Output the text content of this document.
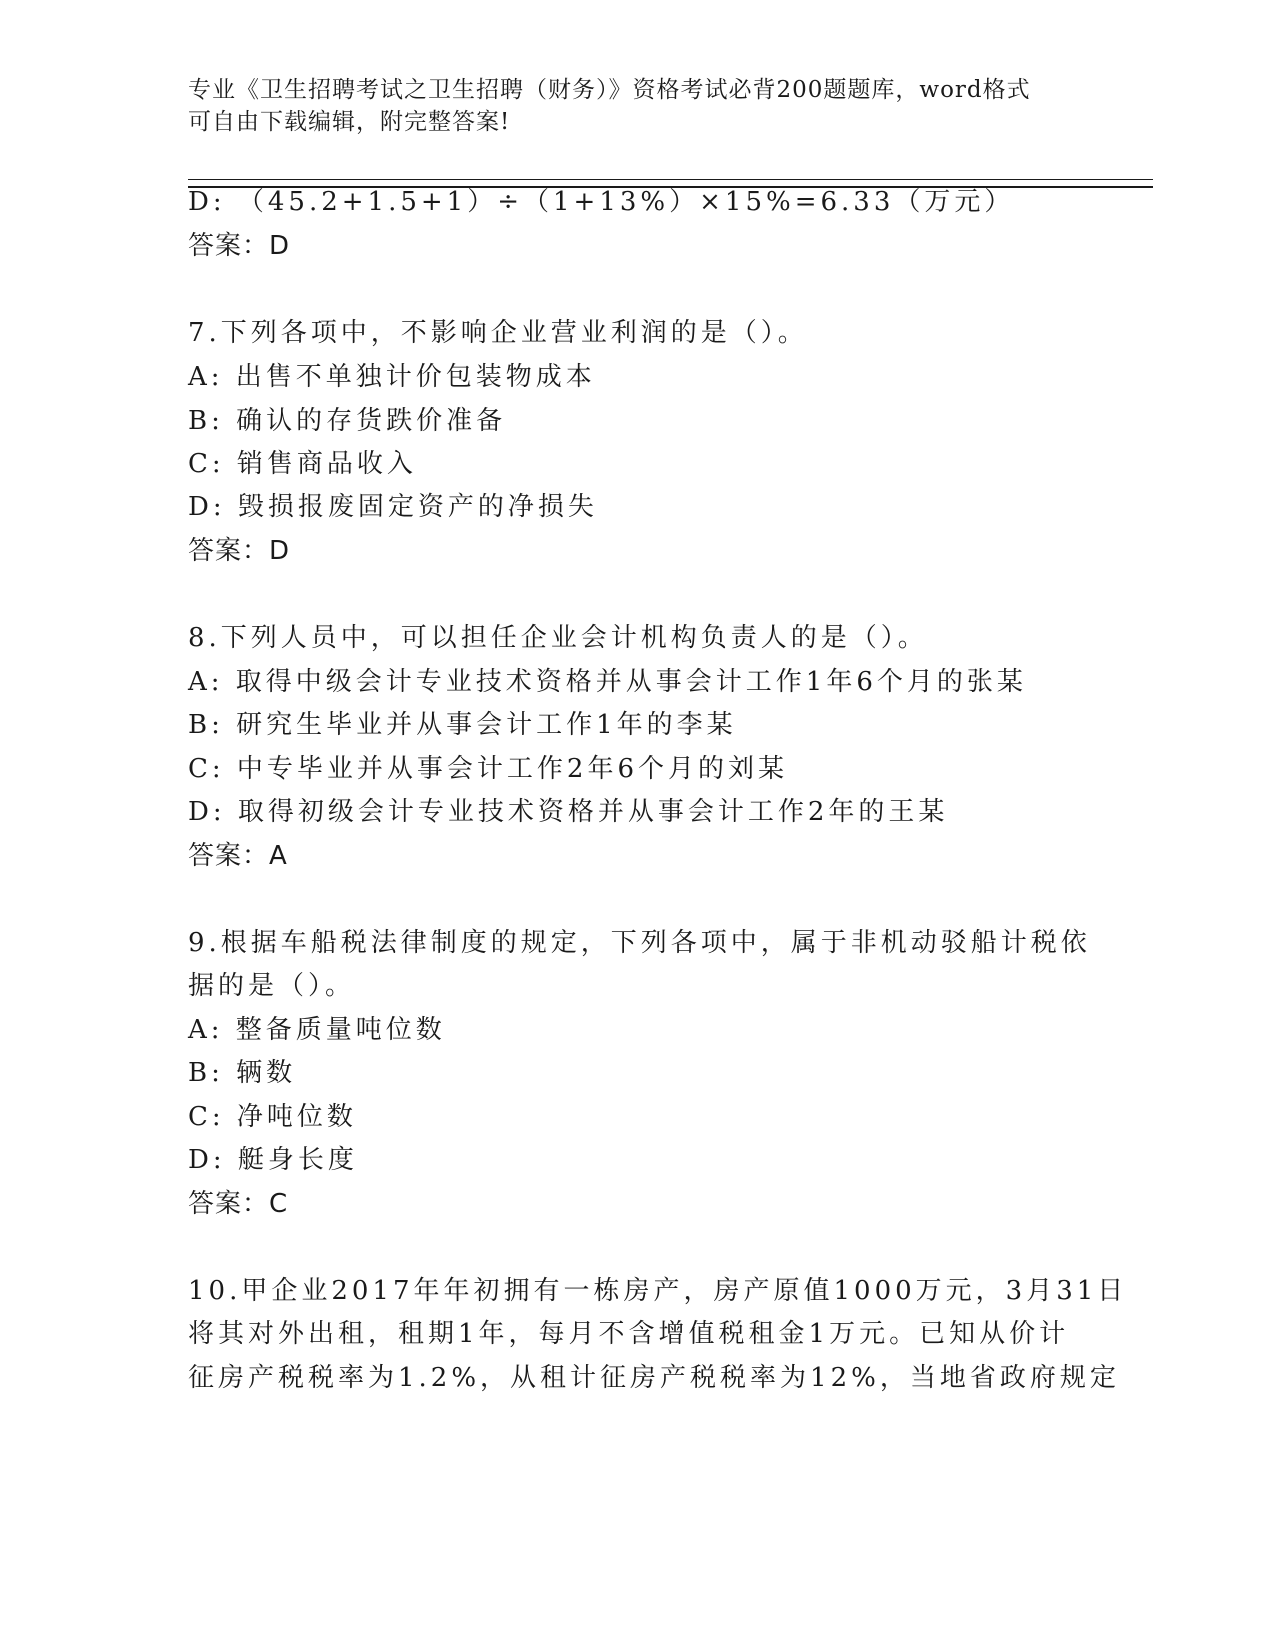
专业《卫生招聘考试之卫生招聘（财务）》资格考试必背200题题库，word格式
可自由下载编辑，附完整答案!
D: （45.2+1.5+1）÷（1+13%）×15%=6.33（万元）
答案：D
7.下列各项中，不影响企业营业利润的是（）。
A: 出售不单独计价包装物成本
B: 确认的存货跌价准备
C: 销售商品收入
D: 毁损报废固定资产的净损失
答案：D
8.下列人员中，可以担任企业会计机构负责人的是（）。
A: 取得中级会计专业技术资格并从事会计工作1年6个月的张某
B: 研究生毕业并从事会计工作1年的李某
C: 中专毕业并从事会计工作2年6个月的刘某
D: 取得初级会计专业技术资格并从事会计工作2年的王某
答案：A
9.根据车船税法律制度的规定，下列各项中，属于非机动驳船计税依
据的是（）。
A: 整备质量吨位数
B: 辆数
C: 净吨位数
D: 艇身长度
答案：C
10.甲企业2017年年初拥有一栋房产，房产原值1000万元，3月31日
将其对外出租，租期1年，每月不含增值税租金1万元。已知从价计
征房产税税率为1.2%，从租计征房产税税率为12%，当地省政府规定
